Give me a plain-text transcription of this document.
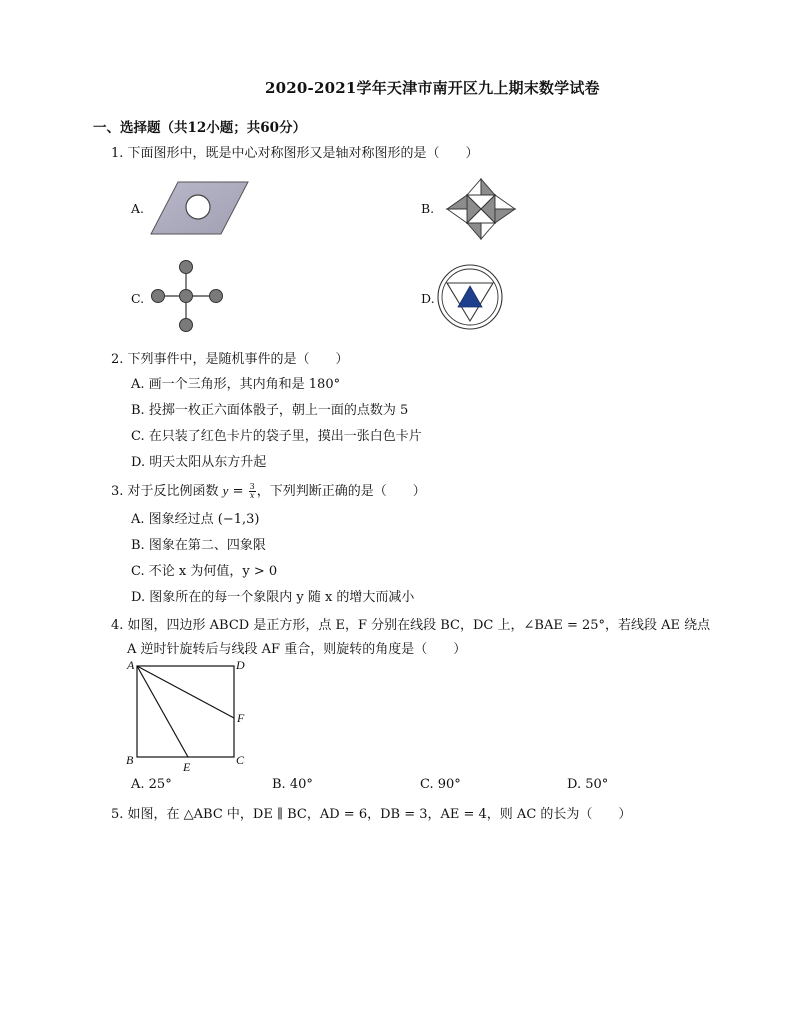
2020-2021学年天津市南开区九上期末数学试卷
一、选择题（共12小题；共60分）
1. 下面图形中，既是中心对称图形又是轴对称图形的是（　　）
A.	B.
C.	D.
2. 下列事件中，是随机事件的是（　　）
A. 画一个三角形，其内角和是 180°
B. 投掷一枚正六面体骰子，朝上一面的点数为 5
C. 在只装了红色卡片的袋子里，摸出一张白色卡片
D. 明天太阳从东方升起
3. 对于反比例函数 $y = \frac{3}{x}$ ，下列判断正确的是（　　）
A. 图象经过点 (−1,3)
B. 图象在第二、四象限
C. 不论 x 为何值，y > 0
D. 图象所在的每一个象限内 y 随 x 的增大而减小
4. 如图，四边形 ABCD 是正方形，点 E，F 分别在线段 BC，DC 上，∠BAE = 25°，若线段 AE 绕点
A 逆时针旋转后与线段 AF 重合，则旋转的角度是（　　）
A	D
F
B	C
E
A. 25°	B. 40°	C. 90°	D. 50°
5. 如图，在 △ABC 中，DE ∥ BC，AD = 6，DB = 3，AE = 4，则 AC 的长为（　　）
